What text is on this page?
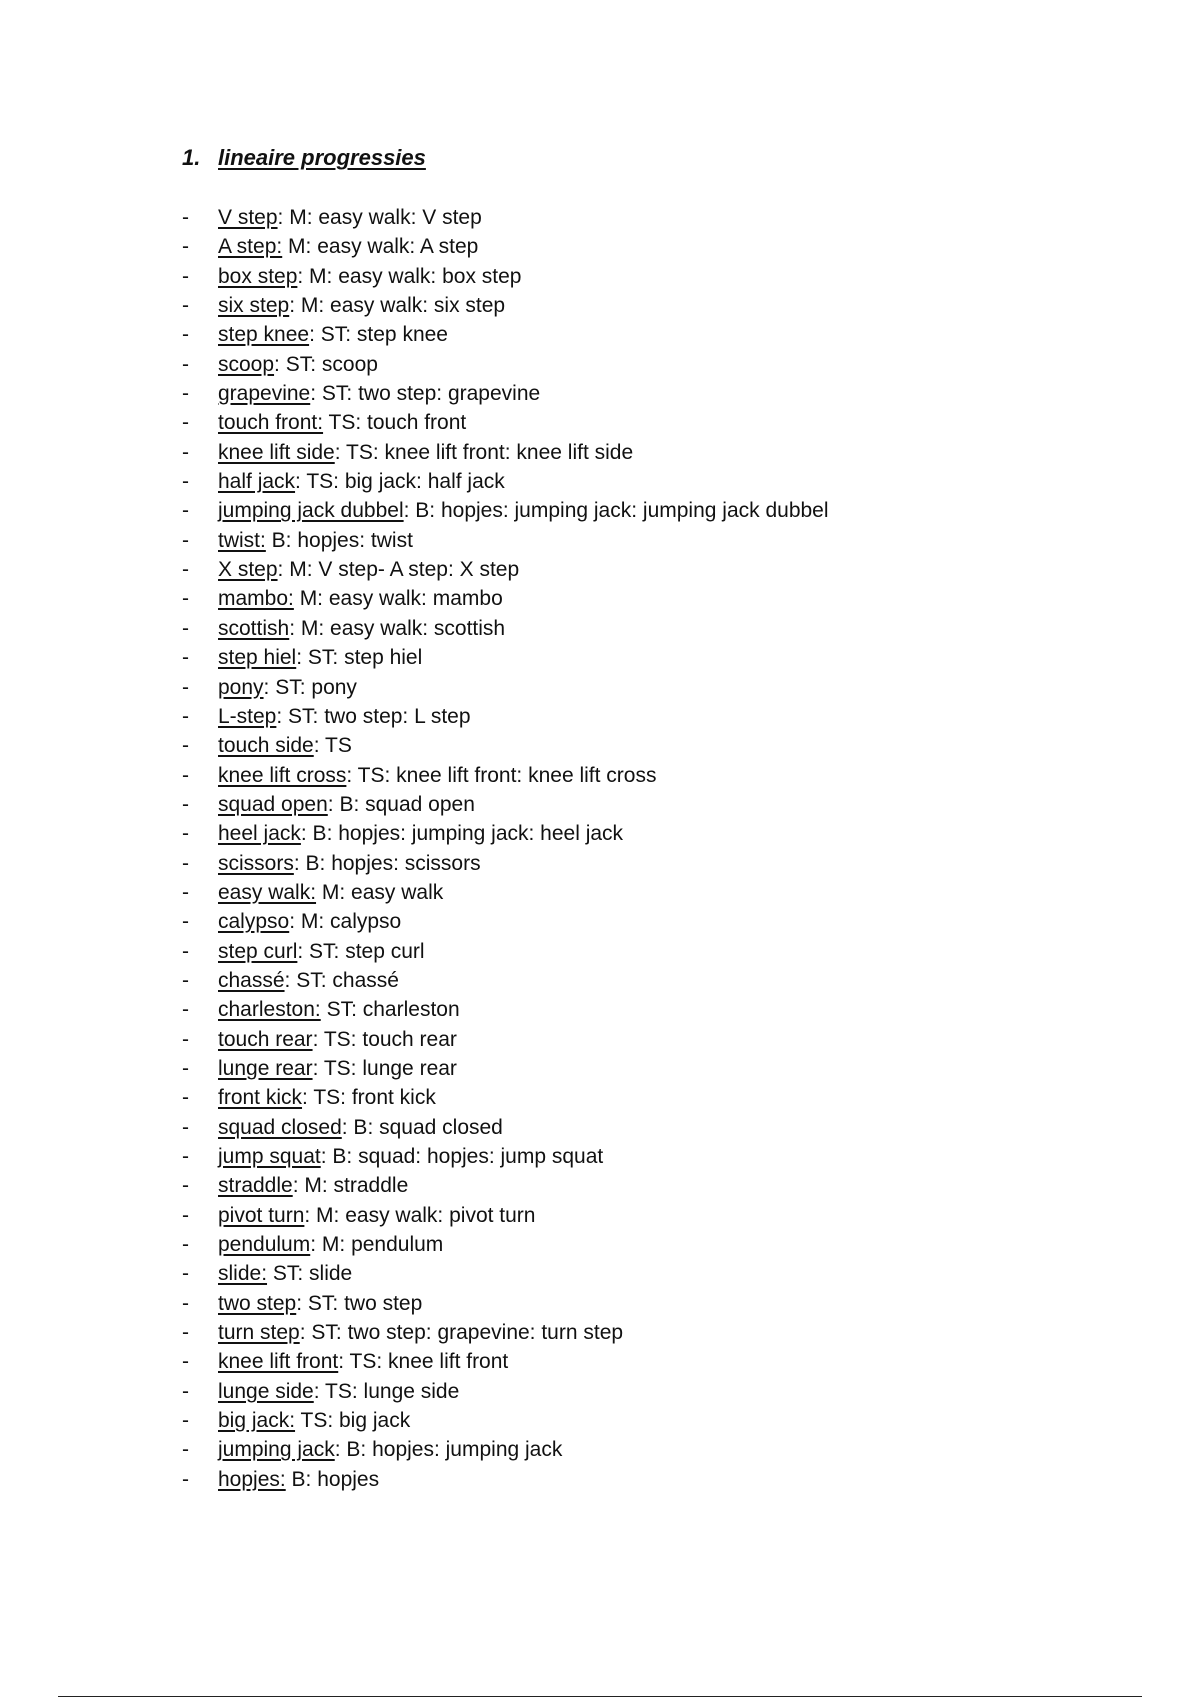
1. lineaire progressies
- V step: M: easy walk: V step
- A step: M: easy walk: A step
- box step: M: easy walk: box step
- six step: M: easy walk: six step
- step knee: ST: step knee
- scoop: ST: scoop
- grapevine: ST: two step: grapevine
- touch front: TS: touch front
- knee lift side: TS: knee lift front: knee lift side
- half jack: TS: big jack: half jack
- jumping jack dubbel: B: hopjes: jumping jack: jumping jack dubbel
- twist: B: hopjes: twist
- X step: M: V step- A step: X step
- mambo: M: easy walk: mambo
- scottish: M: easy walk: scottish
- step hiel: ST: step hiel
- pony: ST: pony
- L-step: ST: two step: L step
- touch side: TS
- knee lift cross: TS: knee lift front: knee lift cross
- squad open: B: squad open
- heel jack: B: hopjes: jumping jack: heel jack
- scissors: B: hopjes: scissors
- easy walk: M: easy walk
- calypso: M: calypso
- step curl: ST: step curl
- chassé: ST: chassé
- charleston: ST: charleston
- touch rear: TS: touch rear
- lunge rear: TS: lunge rear
- front kick: TS: front kick
- squad closed: B: squad closed
- jump squat: B: squad: hopjes: jump squat
- straddle: M: straddle
- pivot turn: M: easy walk: pivot turn
- pendulum: M: pendulum
- slide: ST: slide
- two step: ST: two step
- turn step: ST: two step: grapevine: turn step
- knee lift front: TS: knee lift front
- lunge side: TS: lunge side
- big jack: TS: big jack
- jumping jack: B: hopjes: jumping jack
- hopjes: B: hopjes
